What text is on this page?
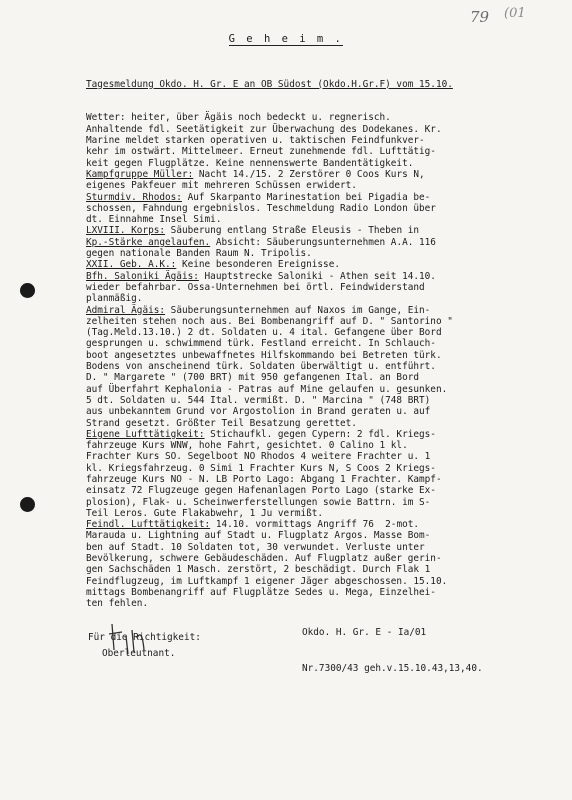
79 (01
G e h e i m .

Tagesmeldung Okdo. H. Gr. E an OB Südost (Okdo.H.Gr.F) vom 15.10.

Wetter: heiter, über Ägäis noch bedeckt u. regnerisch.
Anhaltende fdl. Seetätigkeit zur Überwachung des Dodekanes. Kr.
Marine meldet starken operativen u. taktischen Feindfunkver-
kehr im ostwärt. Mittelmeer. Erneut zunehmende fdl. Lufttätig-
keit gegen Flugplätze. Keine nennenswerte Bandentätigkeit.
Kampfgruppe Müller: Nacht 14./15. 2 Zerstörer 0 Coos Kurs N,
eigenes Pakfeuer mit mehreren Schüssen erwidert.
Sturmdiv. Rhodos: Auf Skarpanto Marinestation bei Pigadia be-
schossen, Fahndung ergebnislos. Teschmeldung Radio London über
dt. Einnahme Insel Simi.
LXVIII. Korps: Säuberung entlang Straße Eleusis - Theben in
Kp.-Stärke angelaufen. Absicht: Säuberungsunternehmen A.A. 116
gegen nationale Banden Raum N. Tripolis.
XXII. Geb. A.K.: Keine besonderen Ereignisse.
Bfh. Saloniki Ägäis: Hauptstrecke Saloniki - Athen seit 14.10.
wieder befahrbar. Ossa-Unternehmen bei örtl. Feindwiderstand
planmäßig.
Admiral Ägäis: Säuberungsunternehmen auf Naxos im Gange, Ein-
zelheiten stehen noch aus. Bei Bombenangriff auf D. " Santorino "
(Tag.Meld.13.10.) 2 dt. Soldaten u. 4 ital. Gefangene über Bord
gesprungen u. schwimmend türk. Festland erreicht. In Schlauch-
boot angesetztes unbewaffnetes Hilfskommando bei Betreten türk.
Bodens von anscheinend türk. Soldaten überwältigt u. entführt.
D. " Margarete " (700 BRT) mit 950 gefangenen Ital. an Bord
auf Überfahrt Kephalonia - Patras auf Mine gelaufen u. gesunken.
5 dt. Soldaten u. 544 Ital. vermißt. D. " Marcina " (748 BRT)
aus unbekanntem Grund vor Argostolion in Brand geraten u. auf
Strand gesetzt. Größter Teil Besatzung gerettet.
Eigene Lufttätigkeit: Stichaufkl. gegen Cypern: 2 fdl. Kriegs-
fahrzeuge Kurs WNW, hohe Fahrt, gesichtet. 0 Calino 1 kl.
Frachter Kurs SO. Segelboot NO Rhodos 4 weitere Frachter u. 1
kl. Kriegsfahrzeug. 0 Simi 1 Frachter Kurs N, S Coos 2 Kriegs-
fahrzeuge Kurs NO - N. LB Porto Lago: Abgang 1 Frachter. Kampf-
einsatz 72 Flugzeuge gegen Hafenanlagen Porto Lago (starke Ex-
plosion), Flak- u. Scheinwerferstellungen sowie Battrn. im S-
Teil Leros. Gute Flakabwehr, 1 Ju vermißt.
Feindl. Lufttätigkeit: 14.10. vormittags Angriff 76  2-mot.
Marauda u. Lightning auf Stadt u. Flugplatz Argos. Masse Bom-
ben auf Stadt. 10 Soldaten tot, 30 verwundet. Verluste unter
Bevölkerung, schwere Gebäudeschäden. Auf Flugplatz außer gerin-
gen Sachschäden 1 Masch. zerstört, 2 beschädigt. Durch Flak 1
Feindflugzeug, im Luftkampf 1 eigener Jäger abgeschossen. 15.10.
mittags Bombenangriff auf Flugplätze Sedes u. Mega, Einzelhei-
ten fehlen.

Okdo. H. Gr. E - Ia/01

Nr.7300/43 geh.v.15.10.43,13,40.

Für die Richtigkeit:
Oberleutnant.
